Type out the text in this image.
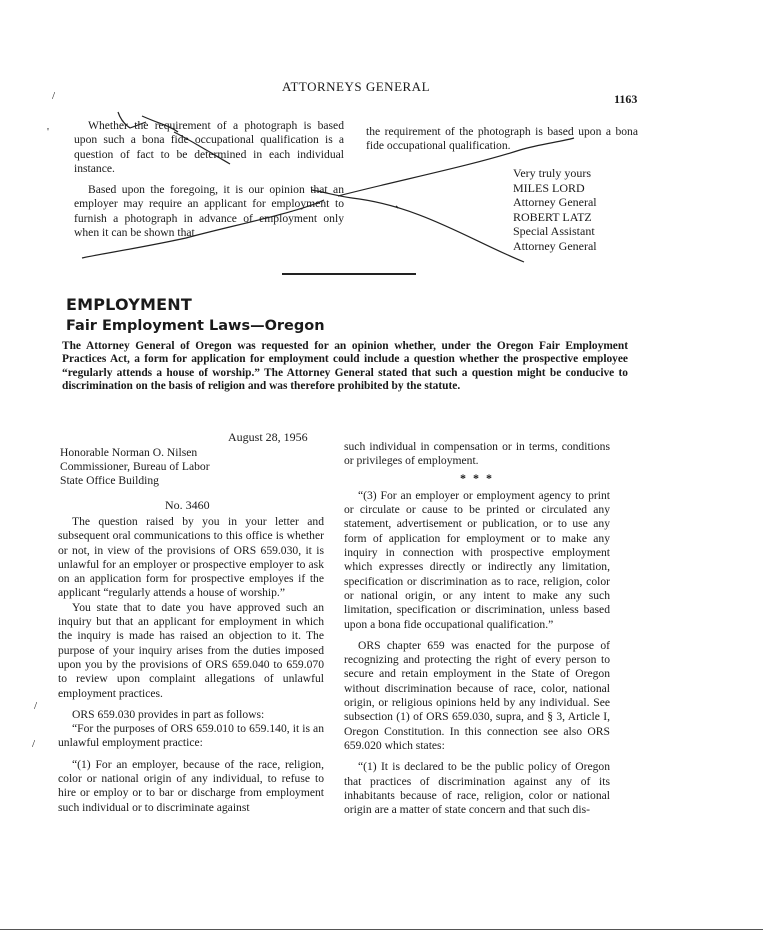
/
'
/
/
ATTORNEYS GENERAL
1163

Whether the requirement of a photograph is based upon such a bona fide occupational qualification is a question of fact to be determined in each individual instance.

Based upon the foregoing, it is our opinion that an employer may require an applicant for employment to furnish a photograph in advance of employment only when it can be shown that

the requirement of the photograph is based upon a bona fide occupational qualification.

Very truly yours
MILES LORD
Attorney General
ROBERT LATZ
Special Assistant
Attorney General
EMPLOYMENT
Fair Employment Laws—Oregon
The Attorney General of Oregon was requested for an opinion whether, under the Oregon Fair Employment Practices Act, a form for application for employment could include a question whether the prospective employee “regularly attends a house of worship.” The Attorney General stated that such a question might be conducive to discrimination on the basis of religion and was therefore prohibited by the statute.
August 28, 1956
Honorable Norman O. Nilsen
Commissioner, Bureau of Labor
State Office Building
No. 3460

The question raised by you in your letter and subsequent oral communications to this office is whether or not, in view of the provisions of ORS 659.030, it is unlawful for an employer or prospective employer to ask on an application form for prospective employes if the applicant “regularly attends a house of worship.”

You state that to date you have approved such an inquiry but that an applicant for employment in which the inquiry is made has raised an objection to it. The purpose of your inquiry arises from the duties imposed upon you by the provisions of ORS 659.040 to 659.070 to review upon complaint allegations of unlawful employment practices.

ORS 659.030 provides in part as follows:

“For the purposes of ORS 659.010 to 659.140, it is an unlawful employment practice:

“(1) For an employer, because of the race, religion, color or national origin of any individual, to refuse to hire or employ or to bar or discharge from employment such individual or to discriminate against

such individual in compensation or in terms, conditions or privileges of employment.

* * *

“(3) For an employer or employment agency to print or circulate or cause to be printed or circulated any statement, advertisement or publication, or to use any form of application for employment or to make any inquiry in connection with prospective employment which expresses directly or indirectly any limitation, specification or discrimination as to race, religion, color or national origin, or any intent to make any such limitation, specification or discrimination, unless based upon a bona fide occupational qualification.”

ORS chapter 659 was enacted for the purpose of recognizing and protecting the right of every person to secure and retain employment in the State of Oregon without discrimination because of race, color, national origin, or religious opinions held by any individual. See subsection (1) of ORS 659.030, supra, and § 3, Article I, Oregon Constitution. In this connection see also ORS 659.020 which states:

“(1) It is declared to be the public policy of Oregon that practices of discrimination against any of its inhabitants because of race, religion, color or national origin are a matter of state concern and that such dis-
